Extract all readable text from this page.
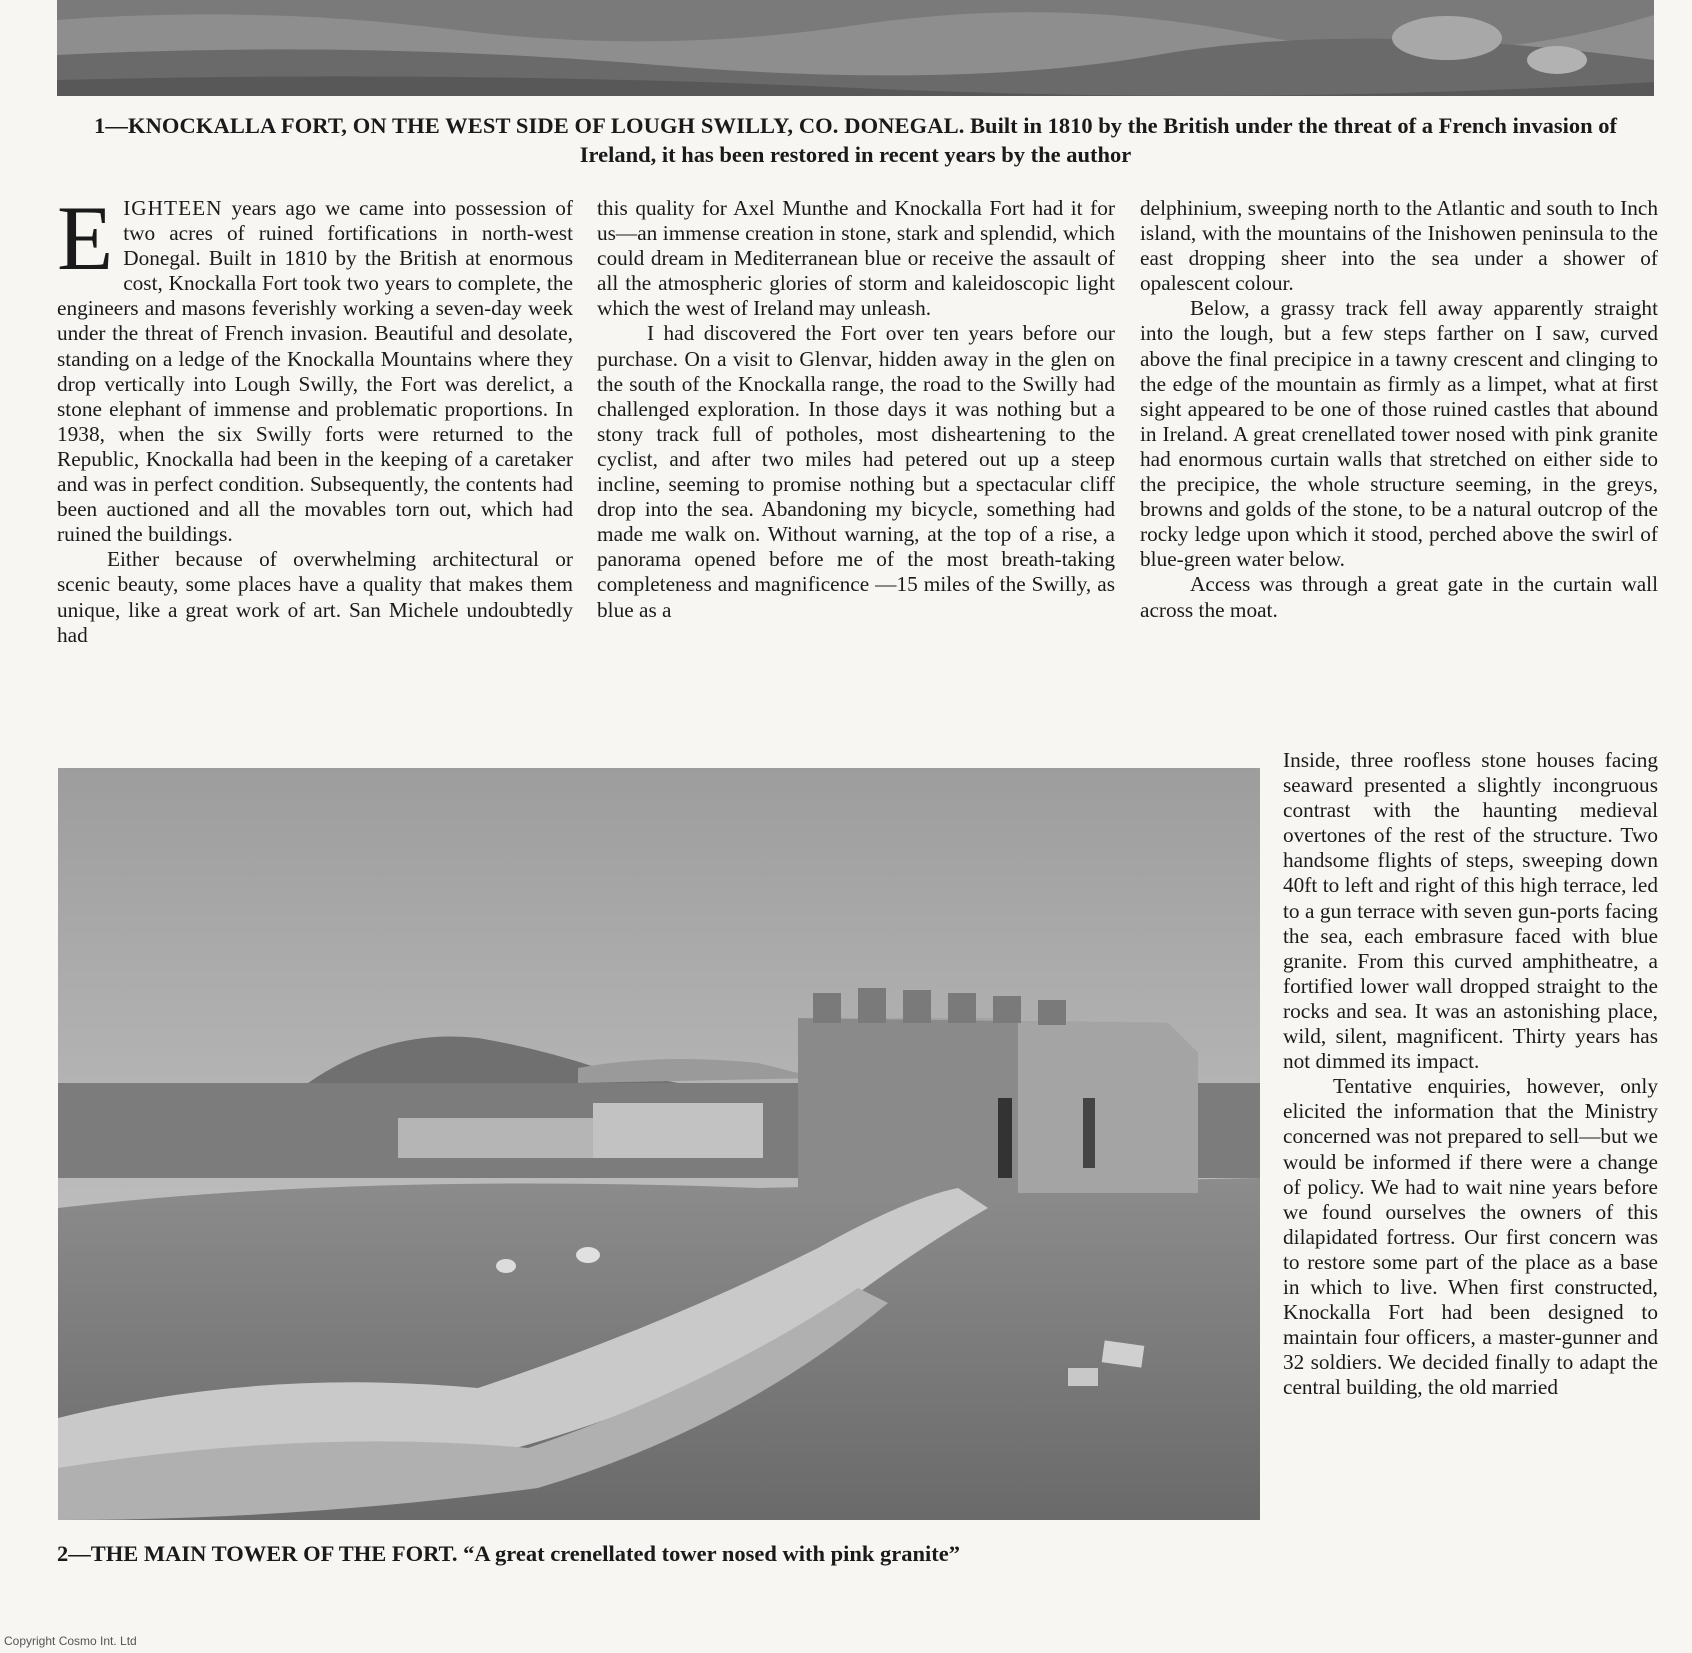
1—KNOCKALLA FORT, ON THE WEST SIDE OF LOUGH SWILLY, CO. DONEGAL. Built in 1810 by the British under the threat of a French invasion of Ireland, it has been restored in recent years by the author

EIGHTEEN years ago we came into possession of two acres of ruined fortifications in north-west Donegal. Built in 1810 by the British at enormous cost, Knockalla Fort took two years to complete, the engineers and masons feverishly working a seven-day week under the threat of French invasion. Beautiful and desolate, standing on a ledge of the Knockalla Mountains where they drop vertically into Lough Swilly, the Fort was derelict, a stone elephant of immense and problematic proportions. In 1938, when the six Swilly forts were returned to the Republic, Knockalla had been in the keeping of a caretaker and was in perfect condition. Subsequently, the contents had been auctioned and all the movables torn out, which had ruined the buildings.

Either because of overwhelming architectural or scenic beauty, some places have a quality that makes them unique, like a great work of art. San Michele undoubtedly had

this quality for Axel Munthe and Knockalla Fort had it for us—an immense creation in stone, stark and splendid, which could dream in Mediterranean blue or receive the assault of all the atmospheric glories of storm and kaleidoscopic light which the west of Ireland may unleash.

I had discovered the Fort over ten years before our purchase. On a visit to Glenvar, hidden away in the glen on the south of the Knockalla range, the road to the Swilly had challenged exploration. In those days it was nothing but a stony track full of potholes, most disheartening to the cyclist, and after two miles had petered out up a steep incline, seeming to promise nothing but a spectacular cliff drop into the sea. Abandoning my bicycle, something had made me walk on. Without warning, at the top of a rise, a panorama opened before me of the most breath-taking completeness and magnificence —15 miles of the Swilly, as blue as a

delphinium, sweeping north to the Atlantic and south to Inch island, with the mountains of the Inishowen peninsula to the east dropping sheer into the sea under a shower of opalescent colour.

Below, a grassy track fell away apparently straight into the lough, but a few steps farther on I saw, curved above the final precipice in a tawny crescent and clinging to the edge of the mountain as firmly as a limpet, what at first sight appeared to be one of those ruined castles that abound in Ireland. A great crenellated tower nosed with pink granite had enormous curtain walls that stretched on either side to the precipice, the whole structure seeming, in the greys, browns and golds of the stone, to be a natural outcrop of the rocky ledge upon which it stood, perched above the swirl of blue-green water below.

Access was through a great gate in the curtain wall across the moat.

Inside, three roofless stone houses facing seaward presented a slightly incongruous contrast with the haunting medieval overtones of the rest of the structure. Two handsome flights of steps, sweeping down 40ft to left and right of this high terrace, led to a gun terrace with seven gun-ports facing the sea, each embrasure faced with blue granite. From this curved amphitheatre, a fortified lower wall dropped straight to the rocks and sea. It was an astonishing place, wild, silent, magnificent. Thirty years has not dimmed its impact.

Tentative enquiries, however, only elicited the information that the Ministry concerned was not prepared to sell—but we would be informed if there were a change of policy. We had to wait nine years before we found ourselves the owners of this dilapidated fortress. Our first concern was to restore some part of the place as a base in which to live. When first constructed, Knockalla Fort had been designed to maintain four officers, a master-gunner and 32 soldiers. We decided finally to adapt the central building, the old married

2—THE MAIN TOWER OF THE FORT. “A great crenellated tower nosed with pink granite”
Copyright Cosmo Int. Ltd
